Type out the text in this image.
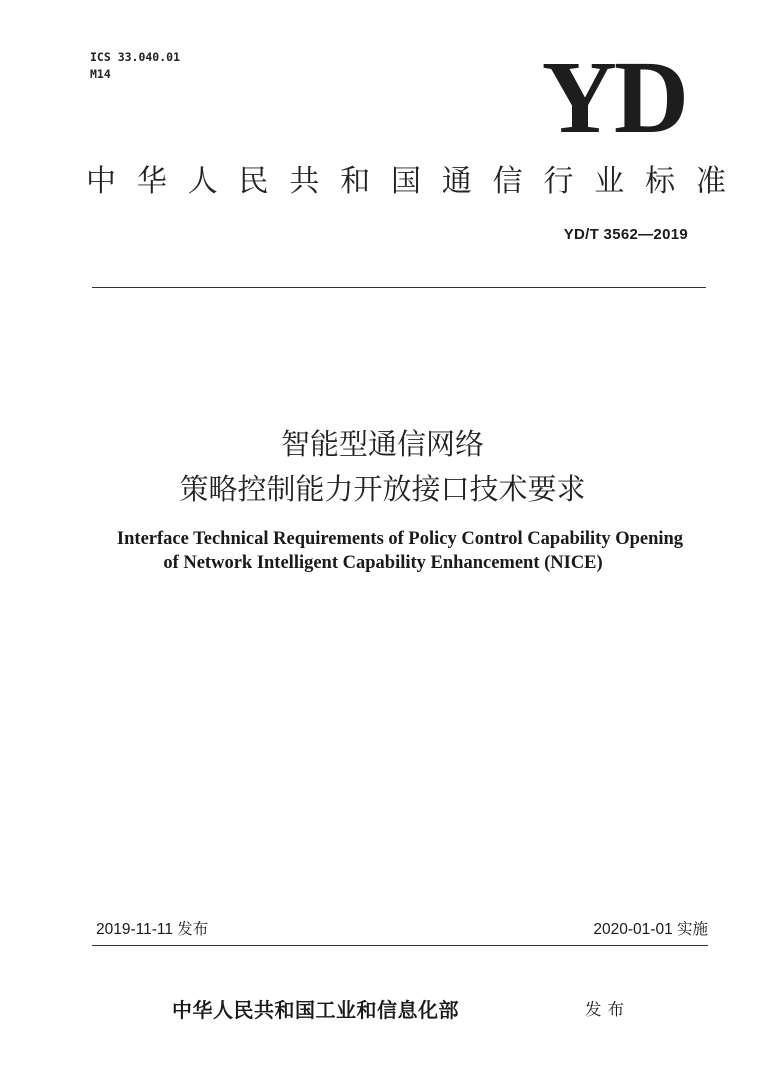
ICS 33.040.01
M14	YD
中 华 人 民 共 和 国 通 信 行 业 标 准
YD/T 3562—2019
智能型通信网络
策略控制能力开放接口技术要求
Interface Technical Requirements of Policy Control Capability Opening
of Network Intelligent Capability Enhancement (NICE)
2019-11-11 发布	2020-01-01 实施
中华人民共和国工业和信息化部	发布
